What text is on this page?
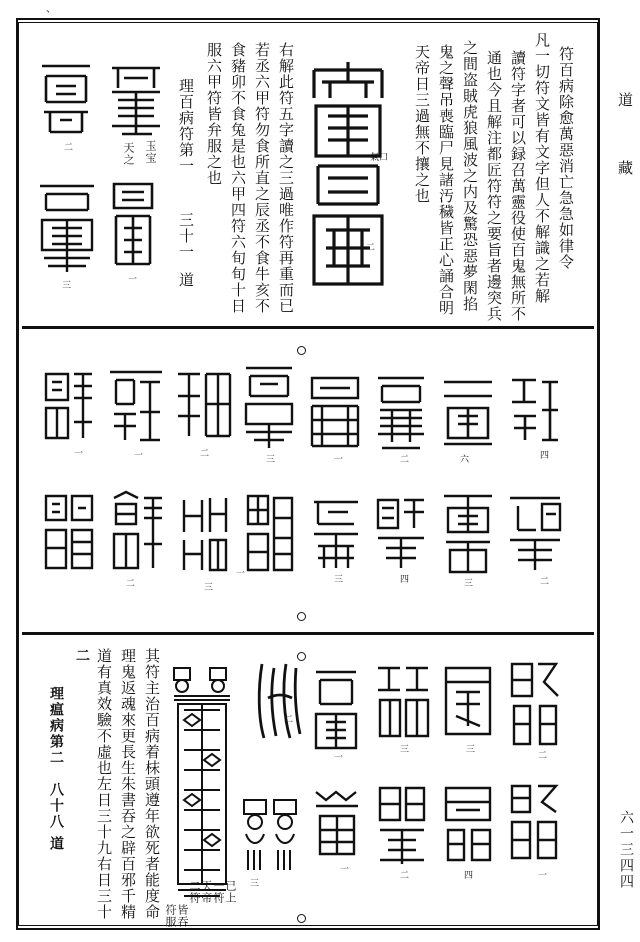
、
道
藏
六一三四四
符百病除愈萬惡消亡急急如律令
凡一切符文皆有文字但人不解識之若解
讀符字者可以録召萬靈役使百鬼無所不
通也今且解注都匠符符之要旨者邊突兵
之間盗賊虎狼風波之内及驚恐惡夢閑掐
鬼之聲吊喪臨尸見諸汚穢皆正心誦合明
天帝日三過無不攘之也
二
氣口
右解此符五字讀之三過唯作符再重而已
若丞六甲符勿食所直之辰丞不食牛亥不
食豬卯不食兔是也六甲四符六旬旬十日
服六甲符皆弁服之也
理百病符第一
三十一
道
玉宝
天之
二
一
三
四
六
二
一
三
二
一
一
二
三
四
三
一
三
二
二
三
三
一
二
一
四
二
一
已上
一符
天帝
二符
皆吞
符服
三
其符主治百病着枺頭遵年欲死者能度命
理鬼返魂來更長生朱書吞之辟百邪千精
道有真效驗不虛也左日三十九右日三十
二
理瘟病第二
八十八
道
